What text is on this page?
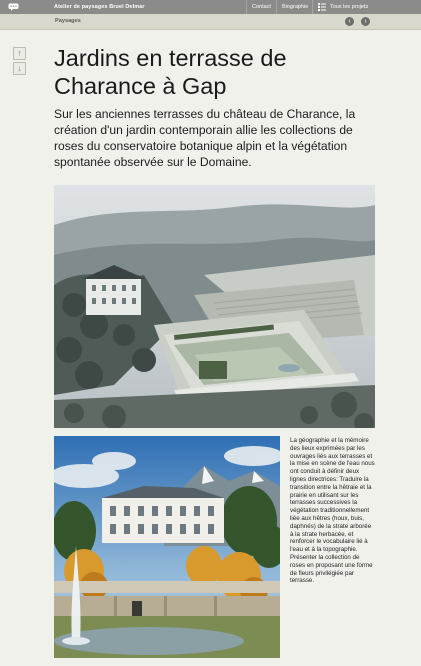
Atelier de paysages Bruel Delmar	Contact	Biographie	Tous les projets
Paysages	‹	›
↑
↓ Jardins en terrasse de Charance à Gap

Sur les anciennes terrasses du château de Charance, la création d'un jardin contemporain allie les collections de roses du conservatoire botanique alpin et la végétation spontanée observée sur le Domaine.

La géographie et la mémoire des lieux exprimées par les ouvrages liés aux terrasses et la mise en scène de l'eau nous ont conduit à définir deux lignes directrices: Traduire la transition entre la hêtraie et la prairie en utilisant sur les terrasses successives la végétation traditionnellement liée aux hêtres (houx, buis, daphnés) de la strate arborée à la strate herbacée, et renforcer le vocabulaire lié à l'eau et à la topographie. Présenter la collection de roses en proposant une forme de fleurs privilégiée par terrasse.
